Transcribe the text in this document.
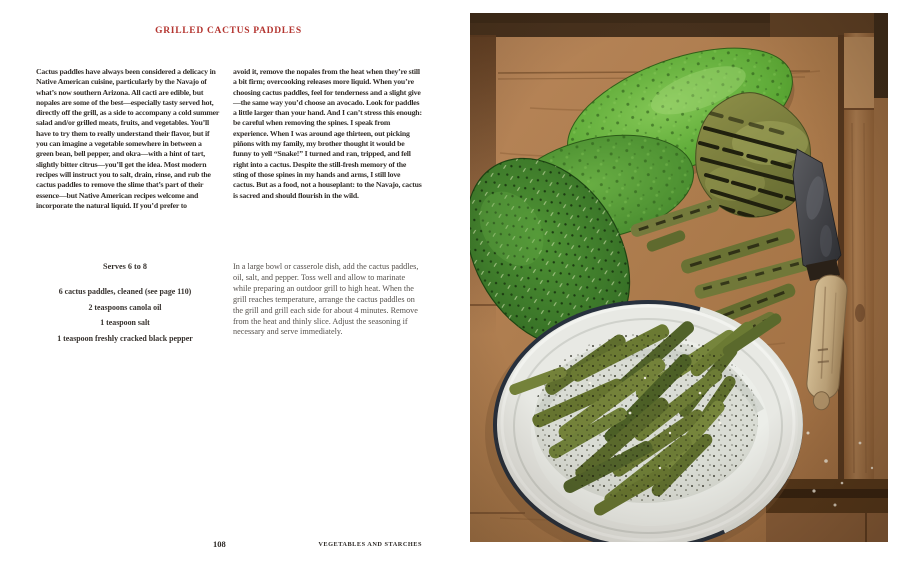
GRILLED CACTUS PADDLES

Cactus paddles have always been considered a delicacy in Native American cuisine, particularly by the Navajo of what’s now southern Arizona. All cacti are edible, but nopales are some of the best—especially tasty served hot, directly off the grill, as a side to accompany a cold summer salad and/or grilled meats, fruits, and vegetables. You’ll have to try them to really understand their flavor, but if you can imagine a vegetable somewhere in between a green bean, bell pepper, and okra—with a hint of tart, slightly bitter citrus—you’ll get the idea. Most modern recipes will instruct you to salt, drain, rinse, and rub the cactus paddles to remove the slime that’s part of their essence—but Native American recipes welcome and incorporate the natural liquid. If you’d prefer to

avoid it, remove the nopales from the heat when they’re still a bit firm; overcooking releases more liquid. When you’re choosing cactus paddles, feel for tenderness and a slight give—the same way you’d choose an avocado. Look for paddles a little larger than your hand. And I can’t stress this enough: be careful when removing the spines. I speak from experience. When I was around age thirteen, out picking piñons with my family, my brother thought it would be funny to yell “Snake!” I turned and ran, tripped, and fell right into a cactus. Despite the still-fresh memory of the sting of those spines in my hands and arms, I still love cactus. But as a food, not a houseplant: to the Navajo, cactus is sacred and should flourish in the wild.

Serves 6 to 8

6 cactus paddles, cleaned (see page 110)

2 teaspoons canola oil

1 teaspoon salt

1 teaspoon freshly cracked black pepper

In a large bowl or casserole dish, add the cactus paddles, oil, salt, and pepper. Toss well and allow to marinate while preparing an outdoor grill to high heat. When the grill reaches temperature, arrange the cactus paddles on the grill and grill each side for about 4 minutes. Remove from the heat and thinly slice. Adjust the seasoning if necessary and serve immediately.

108	VEGETABLES AND STARCHES
